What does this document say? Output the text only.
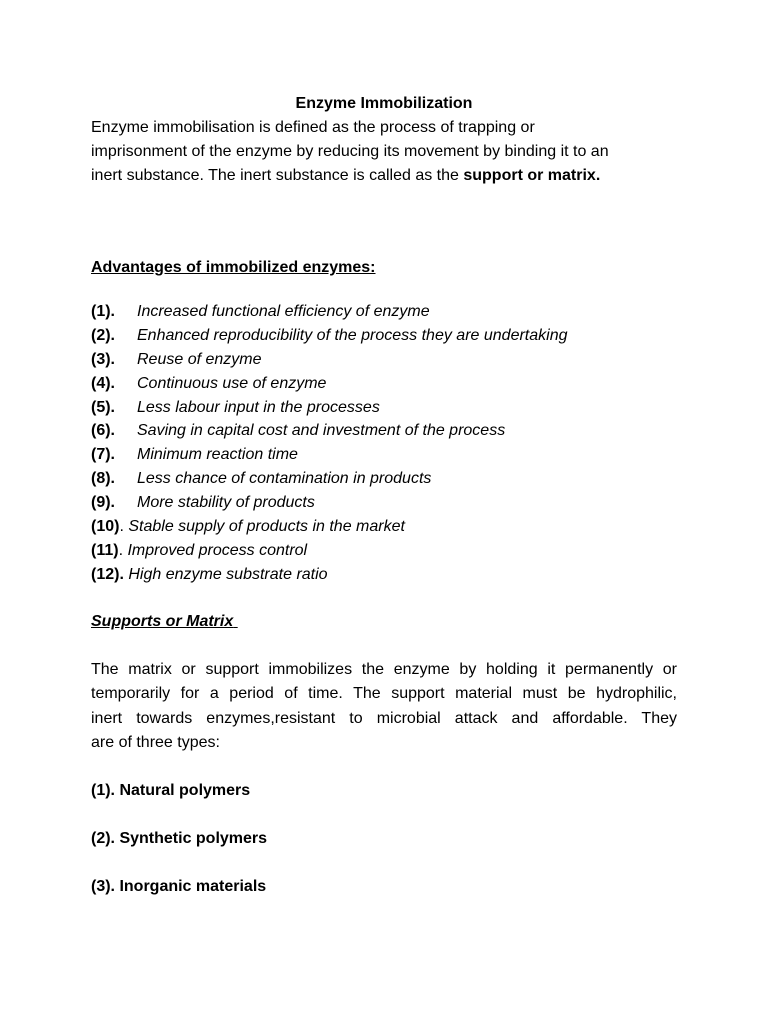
Enzyme Immobilization
Enzyme immobilisation is defined as the process of trapping or
imprisonment of the enzyme by reducing its movement by binding it to an
inert substance. The inert substance is called as the support or matrix.
Advantages of immobilized enzymes:
(1). Increased functional efficiency of enzyme
(2). Enhanced reproducibility of the process they are undertaking
(3). Reuse of enzyme
(4). Continuous use of enzyme
(5). Less labour input in the processes
(6). Saving in capital cost and investment of the process
(7). Minimum reaction time
(8). Less chance of contamination in products
(9). More stability of products
(10). Stable supply of products in the market
(11). Improved process control
(12). High enzyme substrate ratio
Supports or Matrix
The matrix or support immobilizes the enzyme by holding it permanently or
temporarily for a period of time. The support material must be hydrophilic,
inert towards enzymes,resistant to microbial attack and affordable. They
are of three types:
(1). Natural polymers
(2). Synthetic polymers
(3). Inorganic materials
